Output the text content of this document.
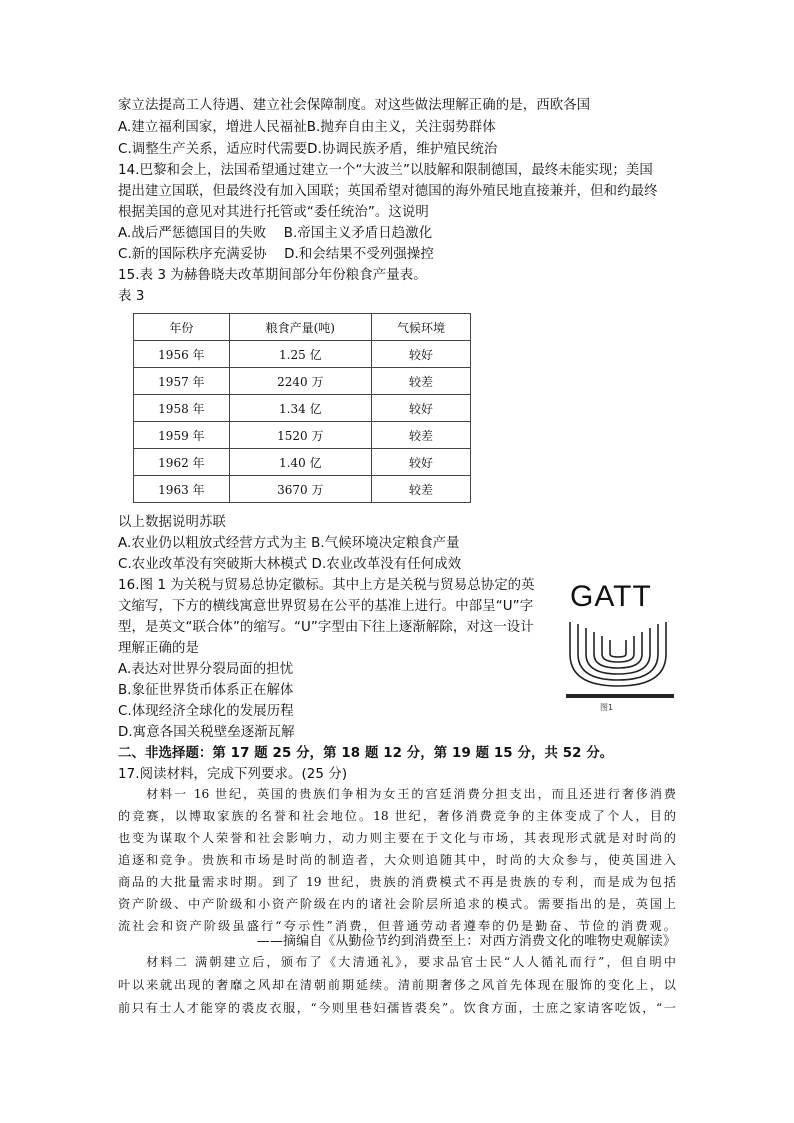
家立法提高工人待遇、建立社会保障制度。对这些做法理解正确的是，西欧各国
A.建立福利国家，增进人民福祉B.抛弃自由主义，关注弱势群体
C.调整生产关系，适应时代需要D.协调民族矛盾，维护殖民统治
14.巴黎和会上，法国希望通过建立一个“大波兰”以肢解和限制德国，最终未能实现；美国
提出建立国联，但最终没有加入国联；英国希望对德国的海外殖民地直接兼并，但和约最终
根据美国的意见对其进行托管或“委任统治”。这说明
A.战后严惩德国目的失败    B.帝国主义矛盾日趋激化
C.新的国际秩序充满妥协    D.和会结果不受列强操控
15.表 3 为赫鲁晓夫改革期间部分年份粮食产量表。
表 3
年份	粮食产量(吨)	气候环境
1956 年	1.25 亿	较好
1957 年	2240 万	较差
1958 年	1.34 亿	较好
1959 年	1520 万	较差
1962 年	1.40 亿	较好
1963 年	3670 万	较差
以上数据说明苏联
A.农业仍以粗放式经营方式为主 B.气候环境决定粮食产量
C.农业改革没有突破斯大林模式 D.农业改革没有任何成效
16.图 1 为关税与贸易总协定徽标。其中上方是关税与贸易总协定的英
文缩写，下方的横线寓意世界贸易在公平的基准上进行。中部呈“U”字
型，是英文“联合体”的缩写。“U”字型由下往上逐渐解除，对这一设计
理解正确的是
A.表达对世界分裂局面的担忧
B.象征世界货币体系正在解体
C.体现经济全球化的发展历程
D.寓意各国关税壁垒逐渐瓦解
GATT
图1
二、非选择题：第 17 题 25 分，第 18 题 12 分，第 19 题 15 分，共 52 分。
17.阅读材料，完成下列要求。(25 分)
材料一 16 世纪，英国的贵族们争相为女王的宫廷消费分担支出，而且还进行奢侈消费
的竞赛，以博取家族的名誉和社会地位。18 世纪，奢侈消费竞争的主体变成了个人，目的
也变为谋取个人荣誉和社会影响力，动力则主要在于文化与市场，其表现形式就是对时尚的
追逐和竞争。贵族和市场是时尚的制造者，大众则追随其中，时尚的大众参与，使英国进入
商品的大批量需求时期。到了 19 世纪，贵族的消费模式不再是贵族的专利，而是成为包括
资产阶级、中产阶级和小资产阶级在内的诸社会阶层所追求的模式。需要指出的是，英国上
流社会和资产阶级虽盛行“夸示性”消费，但普通劳动者遵奉的仍是勤奋、节俭的消费观。
——摘编自《从勤俭节约到消费至上：对西方消费文化的唯物史观解读》
材料二 满朝建立后，颁布了《大清通礼》，要求品官士民“人人循礼而行”，但自明中
叶以来就出现的奢靡之风却在清朝前期延续。清前期奢侈之风首先体现在服饰的变化上，以
前只有士人才能穿的裘皮衣服，“今则里巷妇孺皆裘矣”。饮食方面，士庶之家请客吃饭，“一
